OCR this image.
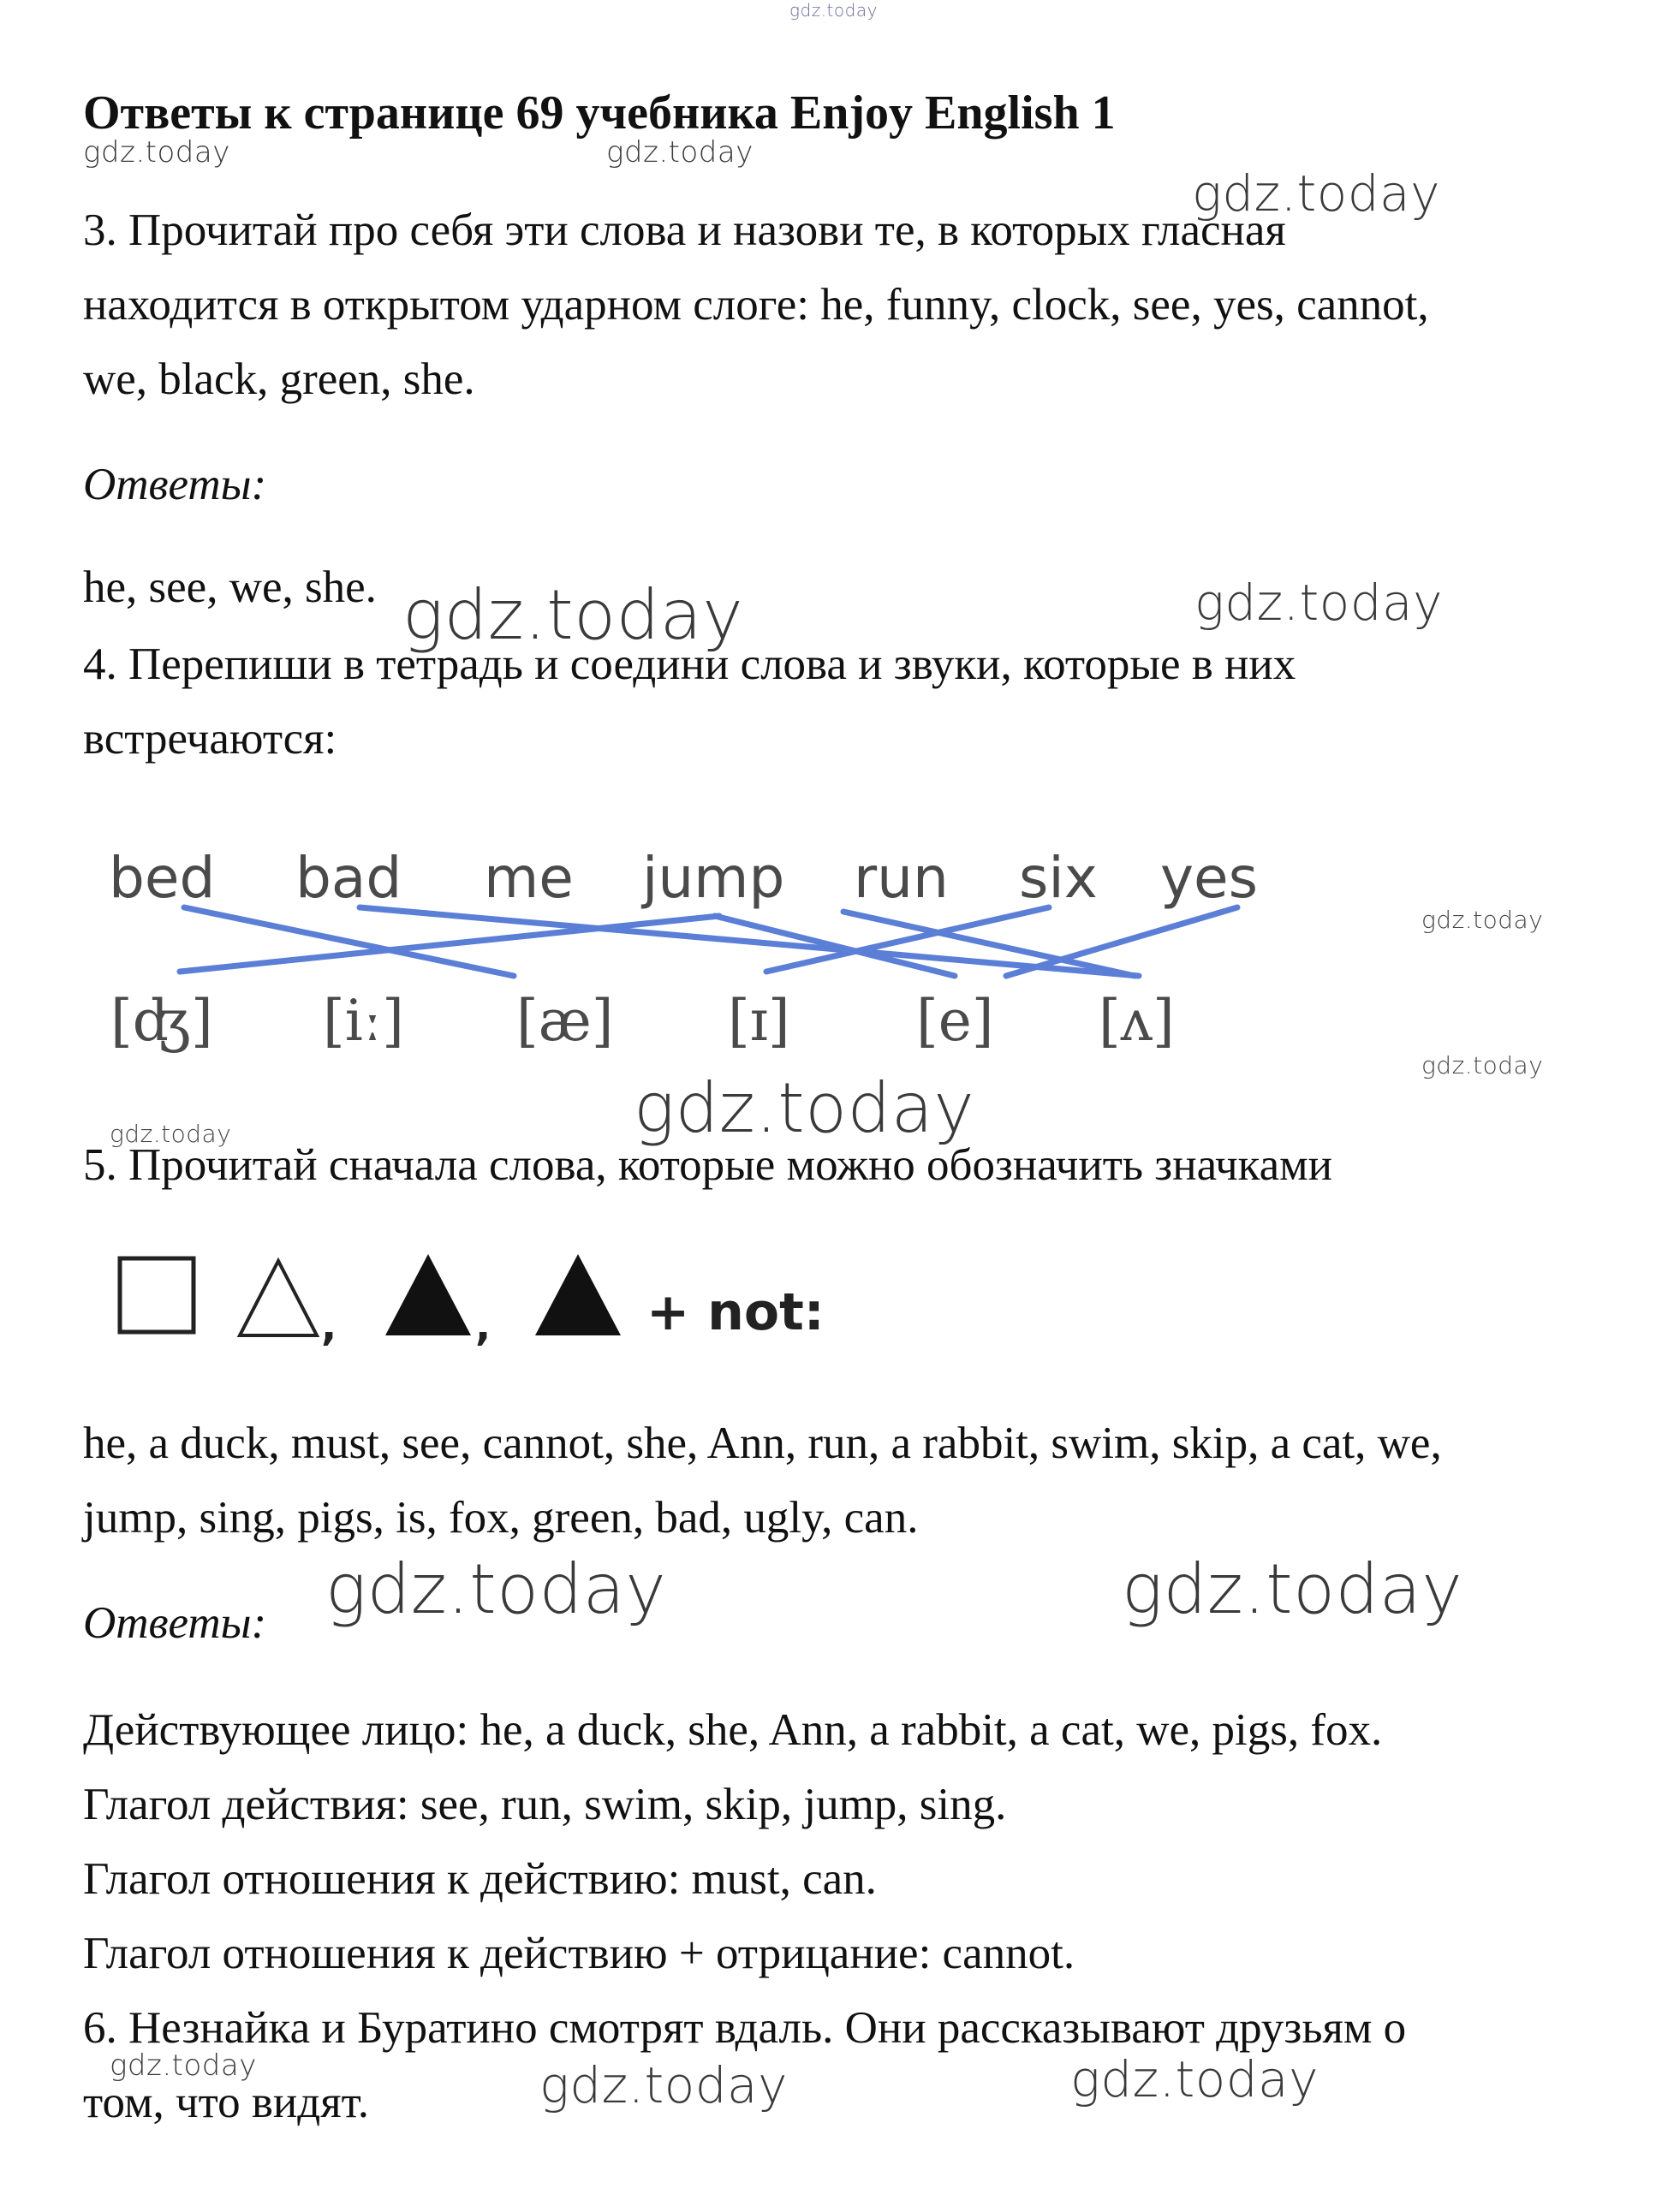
gdz.today
Ответы к странице 69 учебника Enjoy English 1
gdz.today	gdz.today
gdz.today
3. Прочитай про себя эти слова и назови те, в которых гласная
находится в открытом ударном слоге: he, funny, clock, see, yes, cannot,
we, black, green, she.
Ответы:
he, see, we, she. gdz.today	gdz.today
4. Перепиши в тетрадь и соедини слова и звуки, которые в них
встречаются:
bed bad me jump run six yes
[ʤ] [iː] [æ] [ɪ] [e] [ʌ]
gdz.today
gdz.today
gdz.today
gdz.today
5. Прочитай сначала слова, которые можно обозначить значками
,	,	+ not:
he, a duck, must, see, cannot, she, Ann, run, a rabbit, swim, skip, a cat, we,
jump, sing, pigs, is, fox, green, bad, ugly, can.
Ответы: gdz.today	gdz.today
Действующее лицо: he, a duck, she, Ann, a rabbit, a cat, we, pigs, fox.
Глагол действия: see, run, swim, skip, jump, sing.
Глагол отношения к действию: must, can.
Глагол отношения к действию + отрицание: cannot.
6. Незнайка и Буратино смотрят вдаль. Они рассказывают друзьям о
gdz.today	gdz.today	gdz.today
том, что видят.
